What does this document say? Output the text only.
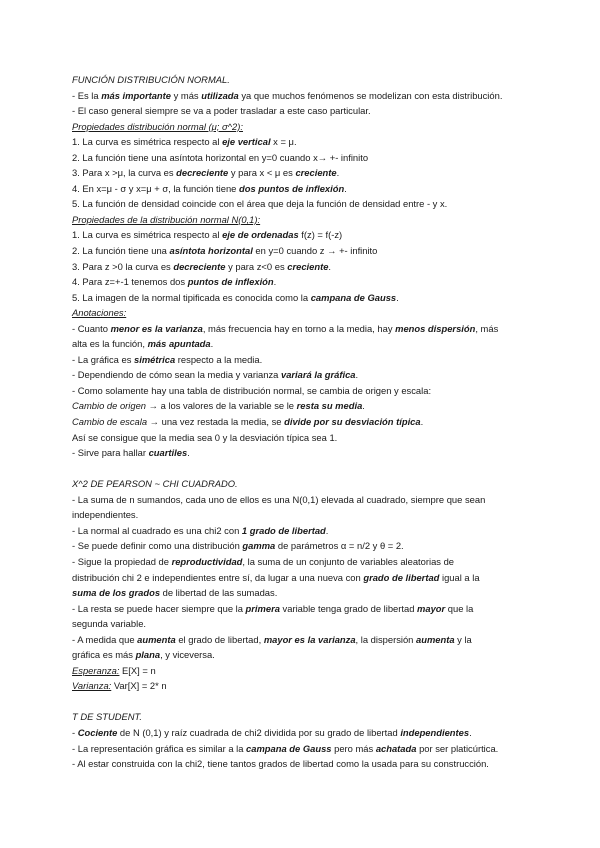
FUNCIÓN DISTRIBUCIÓN NORMAL.
- Es la más importante y más utilizada ya que muchos fenómenos se modelizan con esta distribución.
- El caso general siempre se va a poder trasladar a este caso particular.
Propiedades distribución normal (μ; σ^2):
1. La curva es simétrica respecto al eje vertical x = μ.
2. La función tiene una asíntota horizontal en y=0 cuando x→ +- infinito
3. Para x >μ, la curva es decreciente y para x < μ es creciente.
4. En x=μ - σ y x=μ + σ, la función tiene dos puntos de inflexión.
5. La función de densidad coincide con el área que deja la función de densidad entre - y x.
Propiedades de la distribución normal N(0,1):
1. La curva es simétrica respecto al eje de ordenadas f(z) = f(-z)
2. La función tiene una asíntota horizontal en y=0 cuando z → +- infinito
3. Para z >0 la curva es decreciente y para z<0 es creciente.
4. Para z=+-1 tenemos dos puntos de inflexión.
5. La imagen de la normal tipificada es conocida como la campana de Gauss.
Anotaciones:
- Cuanto menor es la varianza, más frecuencia hay en torno a la media, hay menos dispersión, más
alta es la función, más apuntada.
- La gráfica es simétrica respecto a la media.
- Dependiendo de cómo sean la media y varianza variará la gráfica.
- Como solamente hay una tabla de distribución normal, se cambia de origen y escala:
Cambio de origen → a los valores de la variable se le resta su media.
Cambio de escala → una vez restada la media, se divide por su desviación típica.
Así se consigue que la media sea 0 y la desviación típica sea 1.
- Sirve para hallar cuartiles.
X^2 DE PEARSON ~ CHI CUADRADO.
- La suma de n sumandos, cada uno de ellos es una N(0,1) elevada al cuadrado, siempre que sean
independientes.
- La normal al cuadrado es una chi2 con 1 grado de libertad.
- Se puede definir como una distribución gamma de parámetros α = n/2 y θ = 2.
- Sigue la propiedad de reproductividad, la suma de un conjunto de variables aleatorias de
distribución chi 2 e independientes entre sí, da lugar a una nueva con grado de libertad igual a la
suma de los grados de libertad de las sumadas.
- La resta se puede hacer siempre que la primera variable tenga grado de libertad mayor que la
segunda variable.
- A medida que aumenta el grado de libertad, mayor es la varianza, la dispersión aumenta y la
gráfica es más plana, y viceversa.
Esperanza: E[X] = n
Varianza: Var[X] = 2* n
T DE STUDENT.
- Cociente de N (0,1) y raíz cuadrada de chi2 dividida por su grado de libertad independientes.
- La representación gráfica es similar a la campana de Gauss pero más achatada por ser platicúrtica.
- Al estar construida con la chi2, tiene tantos grados de libertad como la usada para su construcción.
